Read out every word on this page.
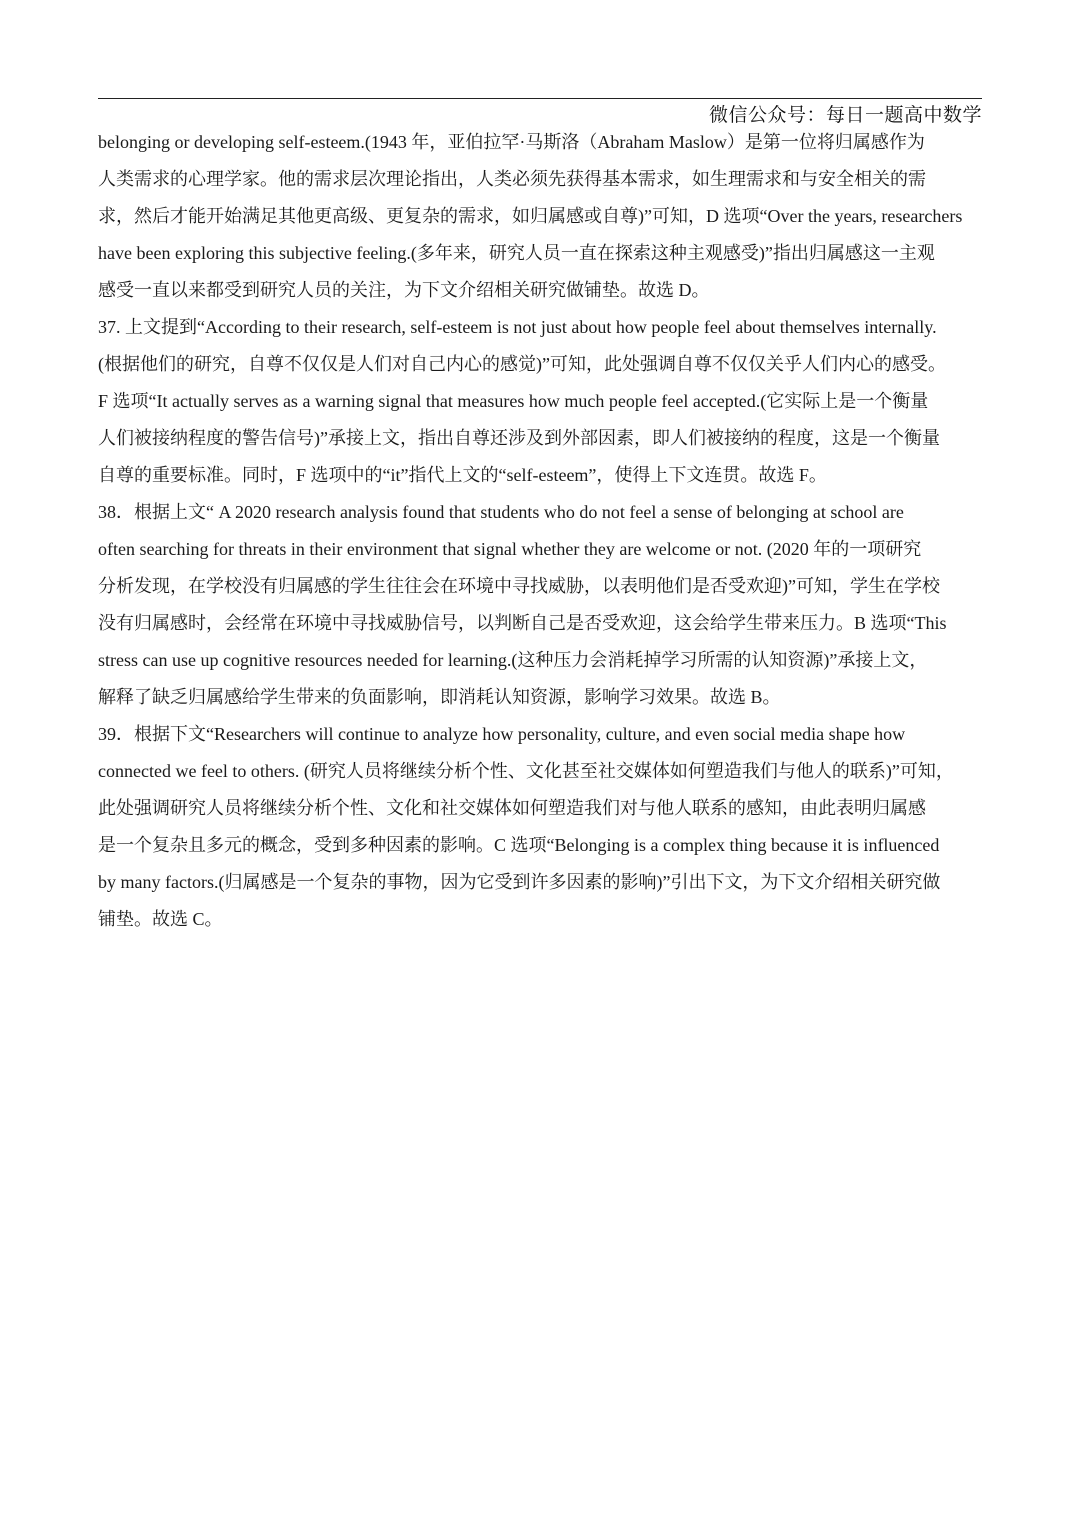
微信公众号：每日一题高中数学
belonging or developing self-esteem.(1943 年，亚伯拉罕·马斯洛（Abraham Maslow）是第一位将归属感作为
人类需求的心理学家。他的需求层次理论指出，人类必须先获得基本需求，如生理需求和与安全相关的需
求，然后才能开始满足其他更高级、更复杂的需求，如归属感或自尊)”可知，D 选项“Over the years, researchers
have been exploring this subjective feeling.(多年来，研究人员一直在探索这种主观感受)”指出归属感这一主观
感受一直以来都受到研究人员的关注，为下文介绍相关研究做铺垫。故选 D。
37. 上文提到“According to their research, self-esteem is not just about how people feel about themselves internally.
(根据他们的研究，自尊不仅仅是人们对自己内心的感觉)”可知，此处强调自尊不仅仅关乎人们内心的感受。
F 选项“It actually serves as a warning signal that measures how much people feel accepted.(它实际上是一个衡量
人们被接纳程度的警告信号)”承接上文，指出自尊还涉及到外部因素，即人们被接纳的程度，这是一个衡量
自尊的重要标准。同时，F 选项中的“it”指代上文的“self-esteem”，使得上下文连贯。故选 F。
38．根据上文“ A 2020 research analysis found that students who do not feel a sense of belonging at school are
often searching for threats in their environment that signal whether they are welcome or not. (2020 年的一项研究
分析发现，在学校没有归属感的学生往往会在环境中寻找威胁，以表明他们是否受欢迎)”可知，学生在学校
没有归属感时，会经常在环境中寻找威胁信号，以判断自己是否受欢迎，这会给学生带来压力。B 选项“This
stress can use up cognitive resources needed for learning.(这种压力会消耗掉学习所需的认知资源)”承接上文，
解释了缺乏归属感给学生带来的负面影响，即消耗认知资源，影响学习效果。故选 B。
39．根据下文“Researchers will continue to analyze how personality, culture, and even social media shape how
connected we feel to others. (研究人员将继续分析个性、文化甚至社交媒体如何塑造我们与他人的联系)”可知，
此处强调研究人员将继续分析个性、文化和社交媒体如何塑造我们对与他人联系的感知，由此表明归属感
是一个复杂且多元的概念，受到多种因素的影响。C 选项“Belonging is a complex thing because it is influenced
by many factors.(归属感是一个复杂的事物，因为它受到许多因素的影响)”引出下文，为下文介绍相关研究做
铺垫。故选 C。
